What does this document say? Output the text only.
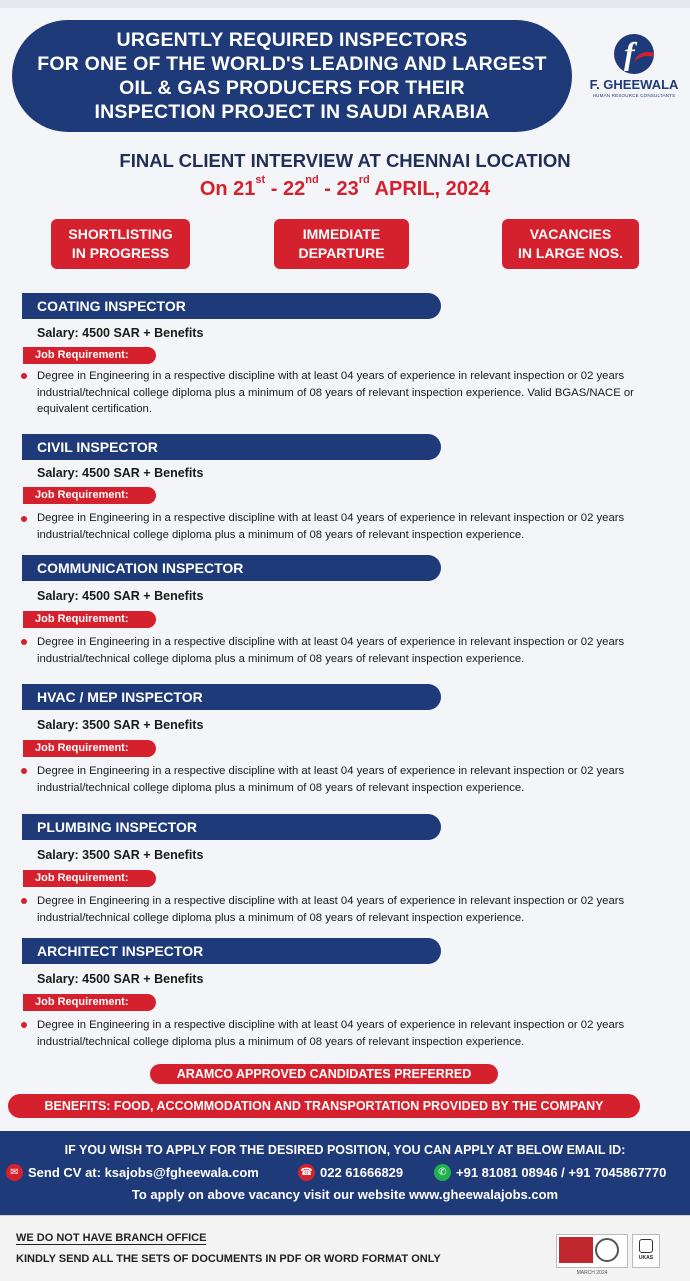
URGENTLY REQUIRED INSPECTORS
FOR ONE OF THE WORLD'S LEADING AND LARGEST
OIL & GAS PRODUCERS FOR THEIR
INSPECTION PROJECT IN SAUDI ARABIA
f
F. GHEEWALA
HUMAN RESOURCE CONSULTANTS
FINAL CLIENT INTERVIEW AT CHENNAI LOCATION
On 21st - 22nd - 23rd APRIL, 2024
SHORTLISTING
IN PROGRESS
IMMEDIATE
DEPARTURE
VACANCIES
IN LARGE NOS.
COATING INSPECTOR
Salary: 4500 SAR + Benefits
Job Requirement:
Degree in Engineering in a respective discipline with at least 04 years of experience in relevant inspection or 02 years industrial/technical college diploma plus a minimum of 08 years of relevant inspection experience. Valid BGAS/NACE or equivalent certification.
CIVIL INSPECTOR
Salary: 4500 SAR + Benefits
Job Requirement:
Degree in Engineering in a respective discipline with at least 04 years of experience in relevant inspection or 02 years industrial/technical college diploma plus a minimum of 08 years of relevant inspection experience.
COMMUNICATION INSPECTOR
Salary: 4500 SAR + Benefits
Job Requirement:
Degree in Engineering in a respective discipline with at least 04 years of experience in relevant inspection or 02 years industrial/technical college diploma plus a minimum of 08 years of relevant inspection experience.
HVAC / MEP INSPECTOR
Salary: 3500 SAR + Benefits
Job Requirement:
Degree in Engineering in a respective discipline with at least 04 years of experience in relevant inspection or 02 years industrial/technical college diploma plus a minimum of 08 years of relevant inspection experience.
PLUMBING INSPECTOR
Salary: 3500 SAR + Benefits
Job Requirement:
Degree in Engineering in a respective discipline with at least 04 years of experience in relevant inspection or 02 years industrial/technical college diploma plus a minimum of 08 years of relevant inspection experience.
ARCHITECT INSPECTOR
Salary: 4500 SAR + Benefits
Job Requirement:
Degree in Engineering in a respective discipline with at least 04 years of experience in relevant inspection or 02 years industrial/technical college diploma plus a minimum of 08 years of relevant inspection experience.
ARAMCO APPROVED CANDIDATES PREFERRED
BENEFITS: FOOD, ACCOMMODATION AND TRANSPORTATION PROVIDED BY THE COMPANY
IF YOU WISH TO APPLY FOR THE DESIRED POSITION, YOU CAN APPLY AT BELOW EMAIL ID:
✉ Send CV at: ksajobs@fgheewala.com	☎ 022 61666829	✆ +91 81081 08946 / +91 7045867770
To apply on above vacancy visit our website www.gheewalajobs.com
WE DO NOT HAVE BRANCH OFFICE
KINDLY SEND ALL THE SETS OF DOCUMENTS IN PDF OR WORD FORMAT ONLY
MARCH 2024
UKAS
